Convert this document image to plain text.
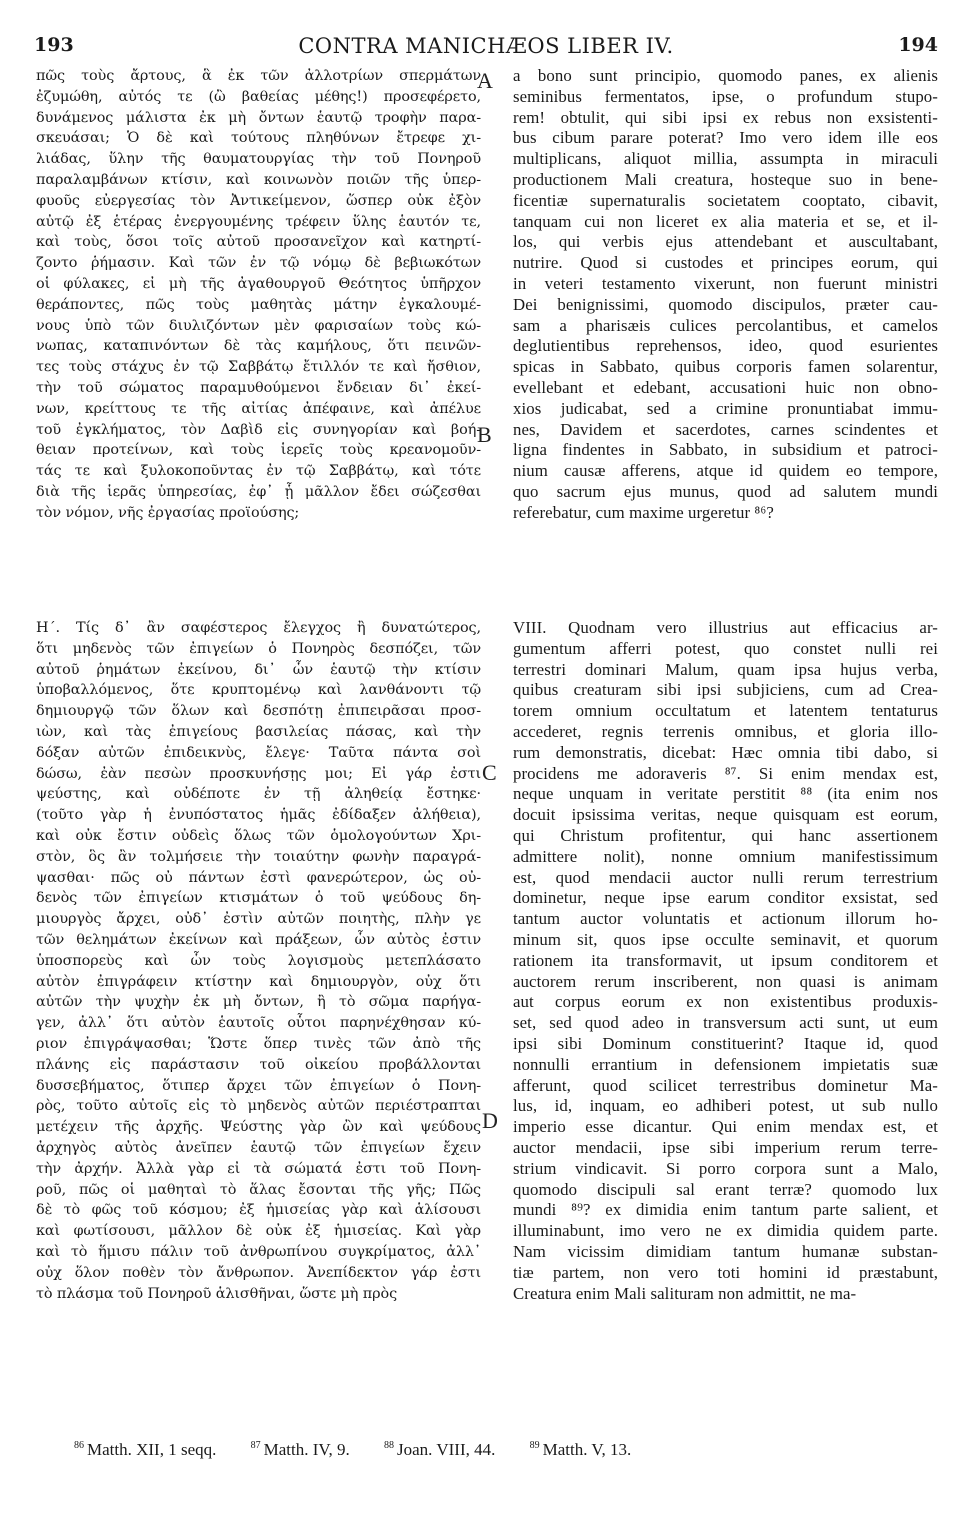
193	CONTRA MANICHÆOS LIBER IV.	194
πῶς τοὺς ἄρτους, ἃ ἐκ τῶν ἀλλοτρίων σπερμάτων
ἐζυμώθη, αὐτός τε (ὢ βαθείας μέθης!) προσεφέρετο,
δυνάμενος μάλιστα ἐκ μὴ ὄντων ἑαυτῷ τροφὴν παρα-
σκευάσαι; Ὁ δὲ καὶ τούτους πληθύνων ἔτρεφε χι-
λιάδας, ὕλην τῆς θαυματουργίας τὴν τοῦ Πονηροῦ
παραλαμβάνων κτίσιν, καὶ κοινωνὸν ποιῶν τῆς ὑπερ-
φυοῦς εὐεργεσίας τὸν Ἀντικείμενον, ὥσπερ οὐκ ἐξὸν
αὐτῷ ἐξ ἑτέρας ἐνεργουμένης τρέφειν ὕλης ἑαυτόν τε,
καὶ τοὺς, ὅσοι τοῖς αὐτοῦ προσανεῖχον καὶ κατηρτί-
ζοντο ῥήμασιν. Καὶ τῶν ἐν τῷ νόμῳ δὲ βεβιωκότων
οἱ φύλακες, εἰ μὴ τῆς ἀγαθουργοῦ Θεότητος ὑπῆρχον
θεράποντες, πῶς τοὺς μαθητὰς μάτην ἐγκαλουμέ-
νους ὑπὸ τῶν διυλιζόντων μὲν φαρισαίων τοὺς κώ-
νωπας, καταπινόντων δὲ τὰς καμήλους, ὅτι πεινῶν-
τες τοὺς στάχυς ἐν τῷ Σαββάτῳ ἔτιλλόν τε καὶ ἤσθιον,
τὴν τοῦ σώματος παραμυθούμενοι ἔνδειαν δι᾽ ἐκεί-
νων, κρείττους τε τῆς αἰτίας ἀπέφαινε, καὶ ἀπέλυε
τοῦ ἐγκλήματος, τὸν Δαβὶδ εἰς συνηγορίαν καὶ βοή-
θειαν προτείνων, καὶ τοὺς ἱερεῖς τοὺς κρεανομοῦν-
τάς τε καὶ ξυλοκοποῦντας ἐν τῷ Σαββάτῳ, καὶ τότε
διὰ τῆς ἱερᾶς ὑπηρεσίας, ἐφ᾽ ᾗ μᾶλλον ἔδει σώζεσθαι
τὸν νόμον, νῆς ἐργασίας προϊούσης;
a bono sunt principio, quomodo panes, ex alienis
seminibus fermentatos, ipse, o profundum stupo-
rem! obtulit, qui sibi ipsi ex rebus non exsistenti-
bus cibum parare poterat? Imo vero idem ille eos
multiplicans, aliquot millia, assumpta in miraculi
productionem Mali creatura, hosteque suo in bene-
ficentiæ supernaturalis societatem cooptato, cibavit,
tanquam cui non liceret ex alia materia et se, et il-
los, qui verbis ejus attendebant et auscultabant,
nutrire. Quod si custodes et principes eorum, qui
in veteri testamento vixerunt, non fuerunt ministri
Dei benignissimi, quomodo discipulos, præter cau-
sam a pharisæis culices percolantibus, et camelos
deglutientibus reprehensos, ideo, quod esurientes
spicas in Sabbato, quibus corporis famen solarentur,
evellebant et edebant, accusationi huic non obno-
xios judicabat, sed a crimine pronuntiabat immu-
nes, Davidem et sacerdotes, carnes scindentes et
ligna findentes in Sabbato, in subsidium et patroci-
nium causæ afferens, atque id quidem eo tempore,
quo sacrum ejus munus, quod ad salutem mundi
referebatur, cum maxime urgeretur ⁸⁶?
Η΄. Τίς δ᾽ ἂν σαφέστερος ἔλεγχος ἢ δυνατώτερος,
ὅτι μηδενὸς τῶν ἐπιγείων ὁ Πονηρὸς δεσπόζει, τῶν
αὐτοῦ ῥημάτων ἐκείνου, δι᾽ ὧν ἑαυτῷ τὴν κτίσιν
ὑποβαλλόμενος, ὅτε κρυπτομένῳ καὶ λανθάνοντι τῷ
δημιουργῷ τῶν ὅλων καὶ δεσπότῃ ἐπιπειρᾶσαι προσ-
ιὼν, καὶ τὰς ἐπιγείους βασιλείας πάσας, καὶ τὴν
δόξαν αὐτῶν ἐπιδεικνὺς, ἔλεγε· Ταῦτα πάντα σοὶ
δώσω, ἐὰν πεσὼν προσκυνήσῃς μοι; Εἰ γάρ ἐστι
ψεύστης, καὶ οὐδέποτε ἐν τῇ ἀληθείᾳ ἔστηκε·
(τοῦτο γὰρ ἡ ἐνυπόστατος ἡμᾶς ἐδίδαξεν ἀλήθεια),
καὶ οὐκ ἔστιν οὐδεὶς ὅλως τῶν ὁμολογούντων Χρι-
στὸν, ὃς ἂν τολμήσειε τὴν τοιαύτην φωνὴν παραγρά-
ψασθαι· πῶς οὐ πάντων ἐστὶ φανερώτερον, ὡς οὐ-
δενὸς τῶν ἐπιγείων κτισμάτων ὁ τοῦ ψεύδους δη-
μιουργὸς ἄρχει, οὐδ᾽ ἐστὶν αὐτῶν ποιητὴς, πλὴν γε
τῶν θελημάτων ἐκείνων καὶ πράξεων, ὧν αὐτὸς ἐστιν
ὑποσπορεὺς καὶ ὧν τοὺς λογισμοὺς μετεπλάσατο
αὐτὸν ἐπιγράφειν κτίστην καὶ δημιουργὸν, οὐχ ὅτι
αὐτῶν τὴν ψυχὴν ἐκ μὴ ὄντων, ἢ τὸ σῶμα παρήγα-
γεν, ἀλλ᾽ ὅτι αὐτὸν ἑαυτοῖς οὗτοι παρηνέχθησαν κύ-
ριον ἐπιγράψασθαι; Ὥστε ὅπερ τινὲς τῶν ἀπὸ τῆς
πλάνης εἰς παράστασιν τοῦ οἰκείου προβάλλονται
δυσσεβήματος, ὅτιπερ ἄρχει τῶν ἐπιγείων ὁ Πονη-
ρὸς, τοῦτο αὐτοῖς εἰς τὸ μηδενὸς αὐτῶν περιέστραπται
μετέχειν τῆς ἀρχῆς. Ψεύστης γὰρ ὢν καὶ ψεύδους
ἀρχηγὸς αὐτὸς ἀνεῖπεν ἑαυτῷ τῶν ἐπιγείων ἔχειν
τὴν ἀρχήν. Ἀλλὰ γὰρ εἰ τὰ σώματά ἐστι τοῦ Πονη-
ροῦ, πῶς οἱ μαθηταὶ τὸ ἅλας ἔσονται τῆς γῆς; Πῶς
δὲ τὸ φῶς τοῦ κόσμου; ἐξ ἡμισείας γὰρ καὶ ἁλίσουσι
καὶ φωτίσουσι, μᾶλλον δὲ οὐκ ἐξ ἡμισείας. Καὶ γὰρ
καὶ τὸ ἥμισυ πάλιν τοῦ ἀνθρωπίνου συγκρίματος, ἀλλ᾽
οὐχ ὅλον ποθὲν τὸν ἄνθρωπον. Ἀνεπίδεκτον γάρ ἐστι
τὸ πλάσμα τοῦ Πονηροῦ ἁλισθῆναι, ὥστε μὴ πρὸς
VIII. Quodnam vero illustrius aut efficacius ar-
gumentum afferri potest, quo constet nulli rei
terrestri dominari Malum, quam ipsa hujus verba,
quibus creaturam sibi ipsi subjiciens, cum ad Crea-
torem omnium occultatum et latentem tentaturus
accederet, regnis terrenis omnibus, et gloria illo-
rum demonstratis, dicebat: Hæc omnia tibi dabo, si
procidens me adoraveris ⁸⁷. Si enim mendax est,
neque unquam in veritate perstitit ⁸⁸ (ita enim nos
docuit ipsissima veritas, neque quisquam est eorum,
qui Christum profitentur, qui hanc assertionem
admittere nolit), nonne omnium manifestissimum
est, quod mendacii auctor nulli rerum terrestrium
dominetur, neque ipse earum conditor exsistat, sed
tantum auctor voluntatis et actionum illorum ho-
minum sit, quos ipse occulte seminavit, et quorum
rationem ita transformavit, ut ipsum conditorem et
auctorem rerum inscriberent, non quasi is animam
aut corpus eorum ex non existentibus produxis-
set, sed quod adeo in transversum acti sunt, ut eum
ipsi sibi Dominum constituerint? Itaque id, quod
nonnulli errantium in defensionem impietatis suæ
afferunt, quod scilicet terrestribus dominetur Ma-
lus, id, inquam, eo adhiberi potest, ut sub nullo
imperio esse dicantur. Qui enim mendax est, et
auctor mendacii, ipse sibi imperium rerum terre-
strium vindicavit. Si porro corpora sunt a Malo,
quomodo discipuli sal erant terræ? quomodo lux
mundi ⁸⁹? ex dimidia enim tantum parte salient, et
illuminabunt, imo vero ne ex dimidia quidem parte.
Nam vicissim dimidiam tantum humanæ substan-
tiæ partem, non vero toti homini id præstabunt,
Creatura enim Mali salituram non admittit, ne ma-
A
B
C
D
$^{86}$ Matth. XII, 1 seqq.	$^{87}$ Matth. IV, 9.	$^{88}$ Joan. VIII, 44.	$^{89}$ Matth. V, 13.
